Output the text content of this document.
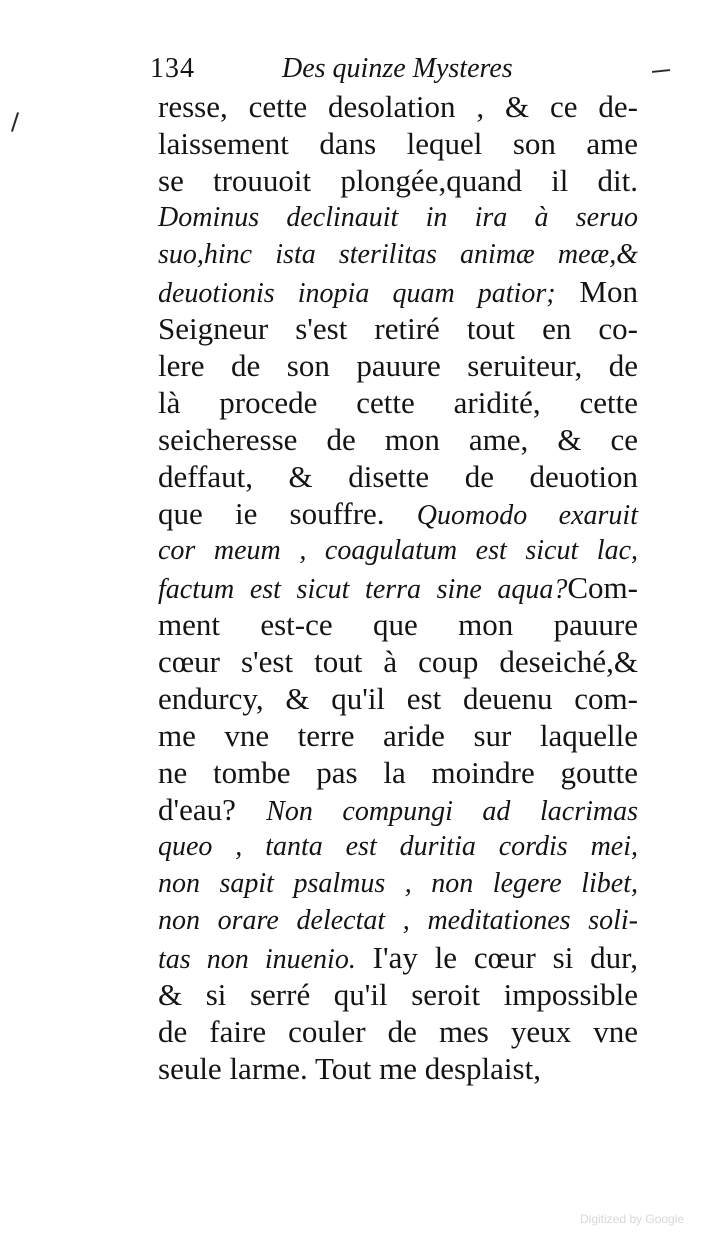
134	Des quinze Mysteres
resse, cette desolation , & ce de-
laissement dans lequel son ame
se trouuoit plongée,quand il dit.
Dominus declinauit in ira à seruo
suo,hinc ista sterilitas animæ meæ,&
deuotionis inopia quam patior; Mon
Seigneur s'est retiré tout en co-
lere de son pauure seruiteur, de
là procede cette aridité, cette
seicheresse de mon ame, & ce
deffaut, & disette de deuotion
que ie souffre. Quomodo exaruit
cor meum , coagulatum est sicut lac,
factum est sicut terra sine aqua?Com-
ment est-ce que mon pauure
cœur s'est tout à coup deseiché,&
endurcy, & qu'il est deuenu com-
me vne terre aride sur laquelle
ne tombe pas la moindre goutte
d'eau? Non compungi ad lacrimas
queo , tanta est duritia cordis mei,
non sapit psalmus , non legere libet,
non orare delectat , meditationes soli-
tas non inuenio. I'ay le cœur si dur,
& si serré qu'il seroit impossible
de faire couler de mes yeux vne
seule larme. Tout me desplaist,
Digitized by Google
